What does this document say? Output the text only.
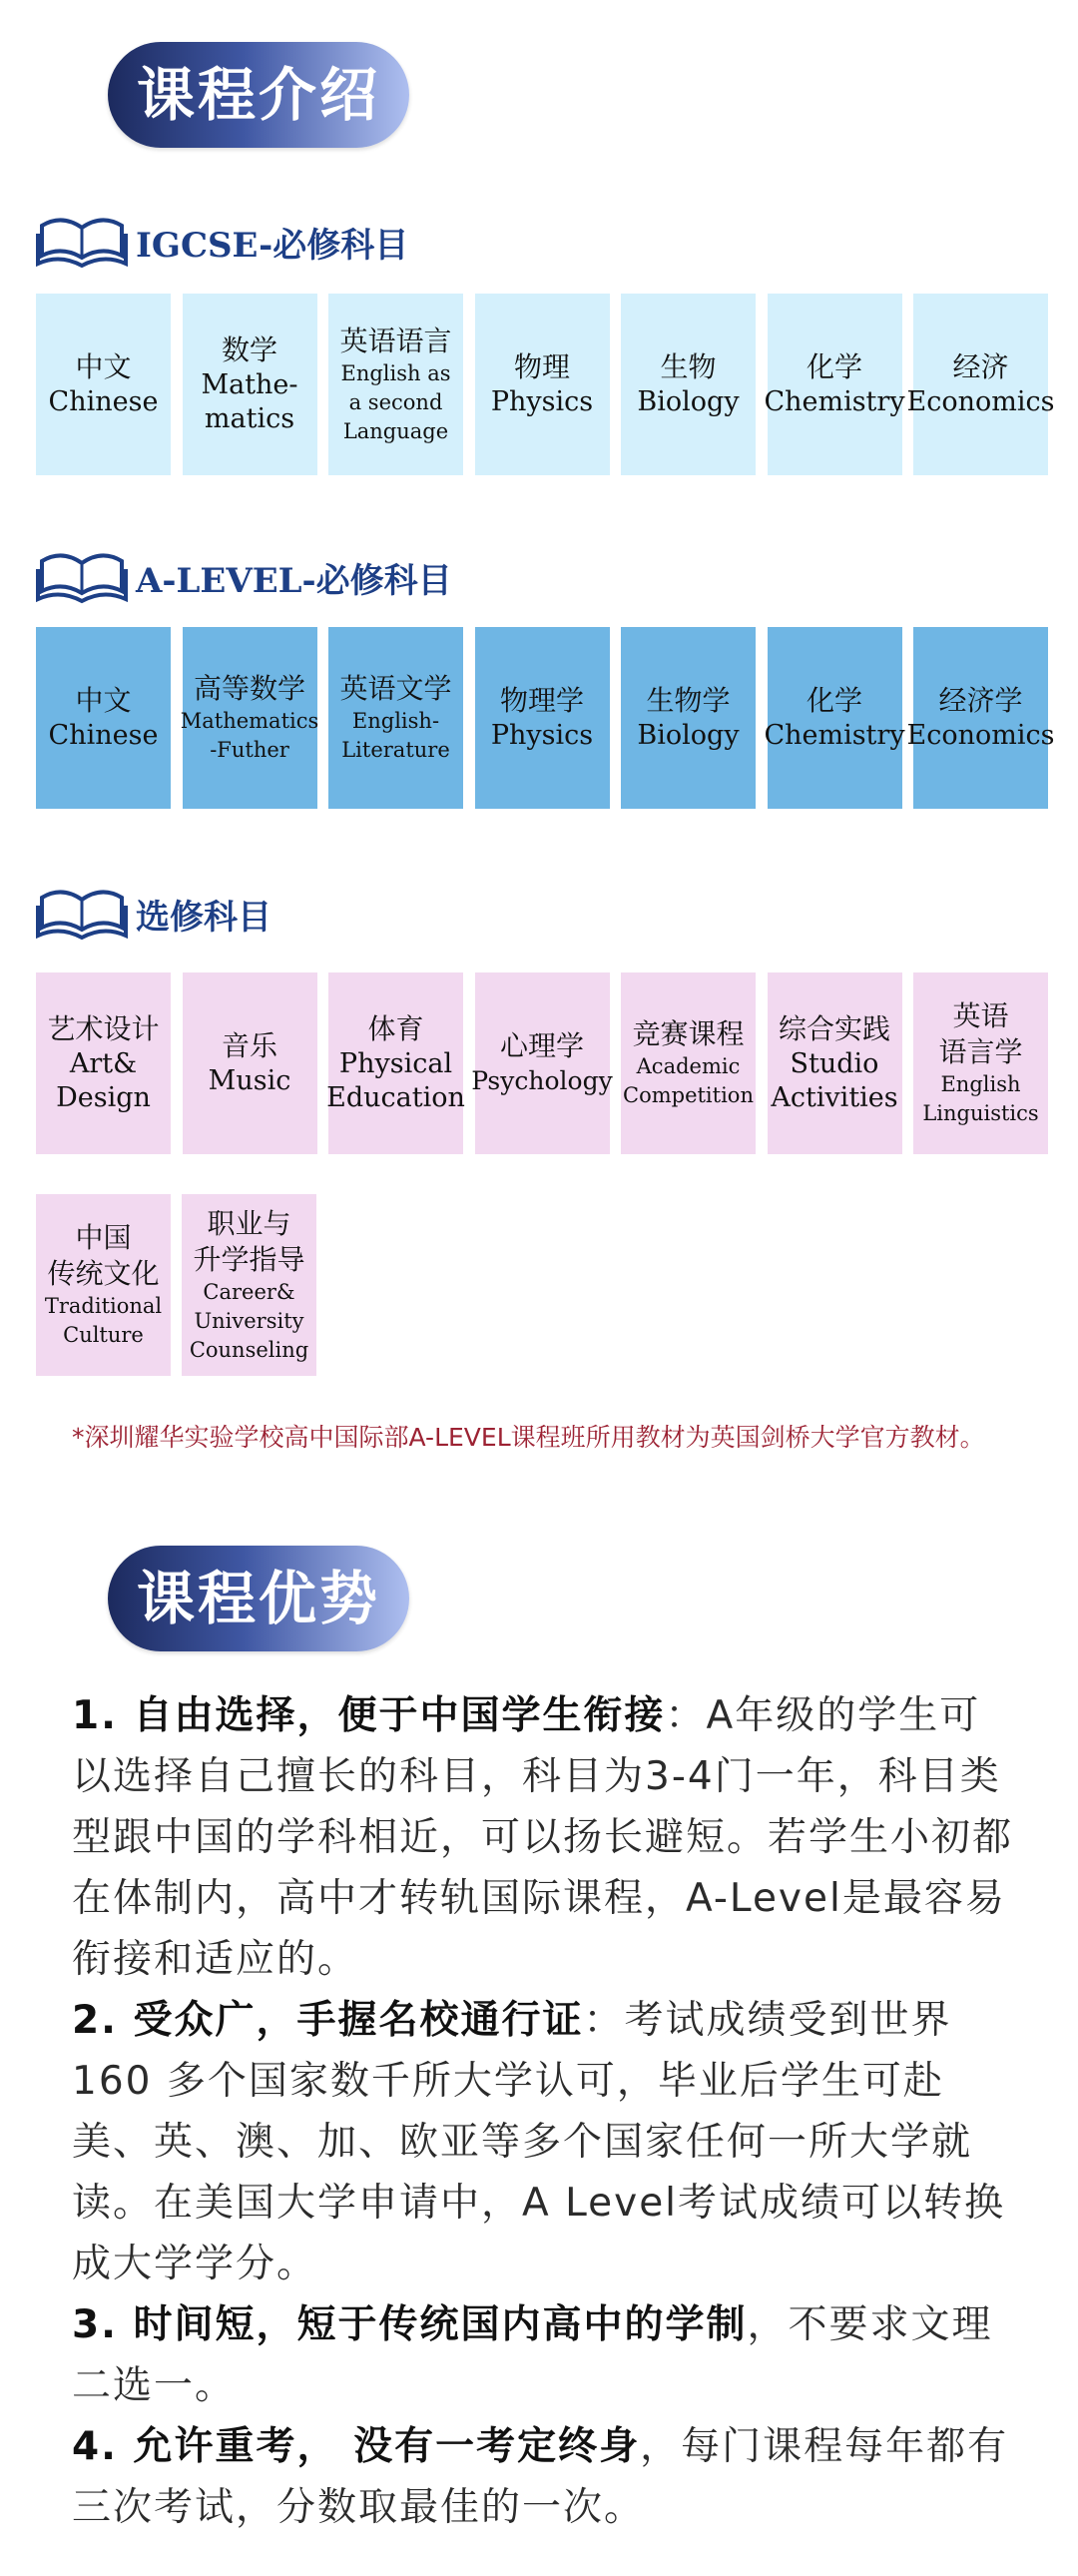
课程介绍
IGCSE-必修科目
中文
Chinese
数学
Mathe-
matics
英语语言
English as
a second
Language
物理
Physics
生物
Biology
化学
Chemistry
经济
Economics
A-LEVEL-必修科目
中文
Chinese
高等数学
Mathematics
-Futher
英语文学
English-
Literature
物理学
Physics
生物学
Biology
化学
Chemistry
经济学
Economics
选修科目
艺术设计
Art&
Design
音乐
Music
体育
Physical
Education
心理学
Psychology
竞赛课程
Academic
Competition
综合实践
Studio
Activities
英语
语言学
English
Linguistics
中国
传统文化
Traditional
Culture
职业与
升学指导
Career&
University
Counseling
*深圳耀华实验学校高中国际部A-LEVEL课程班所用教材为英国剑桥大学官方教材。
课程优势

1. 自由选择，便于中国学生衔接：A年级的学生可以选择自己擅长的科目，科目为3-4门一年，科目类型跟中国的学科相近，可以扬长避短。若学生小初都在体制内，高中才转轨国际课程，A-Level是最容易衔接和适应的。

2. 受众广，手握名校通行证：考试成绩受到世界 160 多个国家数千所大学认可，毕业后学生可赴美、英、澳、加、欧亚等多个国家任何一所大学就读。在美国大学申请中，A Level考试成绩可以转换成大学学分。

3. 时间短，短于传统国内高中的学制，不要求文理二选一。

4. 允许重考， 没有一考定终身，每门课程每年都有三次考试，分数取最佳的一次。
